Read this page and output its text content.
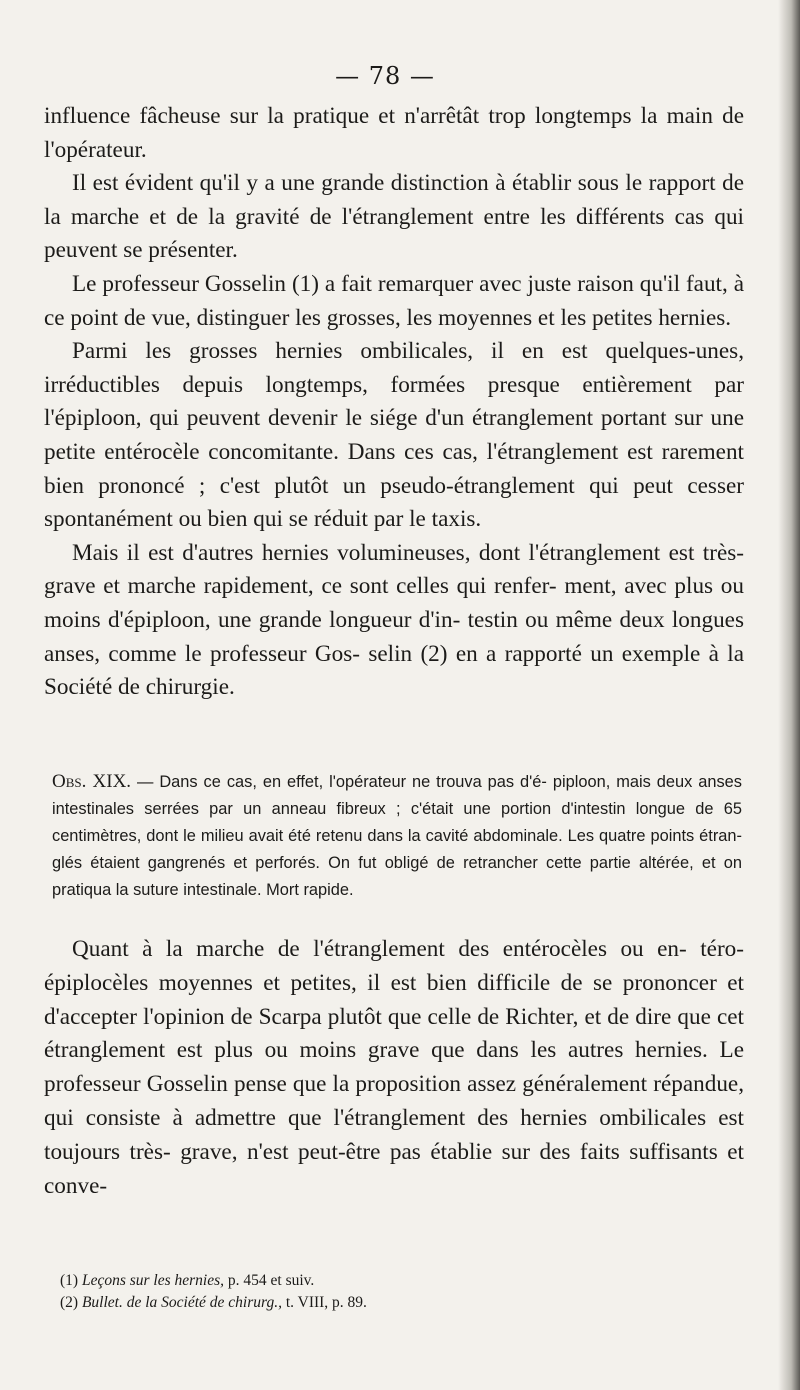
— 78 —

influence fâcheuse sur la pratique et n'arrêtât trop longtemps la main de l'opérateur.

Il est évident qu'il y a une grande distinction à établir sous le rapport de la marche et de la gravité de l'étranglement entre les différents cas qui peuvent se présenter.

Le professeur Gosselin (1) a fait remarquer avec juste raison qu'il faut, à ce point de vue, distinguer les grosses, les moyennes et les petites hernies.

Parmi les grosses hernies ombilicales, il en est quelques-unes, irréductibles depuis longtemps, formées presque entièrement par l'épiploon, qui peuvent devenir le siége d'un étranglement portant sur une petite entérocèle concomitante. Dans ces cas, l'étranglement est rarement bien prononcé ; c'est plutôt un pseudo-étranglement qui peut cesser spontanément ou bien qui se réduit par le taxis.

Mais il est d'autres hernies volumineuses, dont l'étranglement est très-grave et marche rapidement, ce sont celles qui renfer- ment, avec plus ou moins d'épiploon, une grande longueur d'in- testin ou même deux longues anses, comme le professeur Gos- selin (2) en a rapporté un exemple à la Société de chirurgie.

Obs. XIX. — Dans ce cas, en effet, l'opérateur ne trouva pas d'é- piploon, mais deux anses intestinales serrées par un anneau fibreux ; c'était une portion d'intestin longue de 65 centimètres, dont le milieu avait été retenu dans la cavité abdominale. Les quatre points étran- glés étaient gangrenés et perforés. On fut obligé de retrancher cette partie altérée, et on pratiqua la suture intestinale. Mort rapide.

Quant à la marche de l'étranglement des entérocèles ou en- téro-épiplocèles moyennes et petites, il est bien difficile de se prononcer et d'accepter l'opinion de Scarpa plutôt que celle de Richter, et de dire que cet étranglement est plus ou moins grave que dans les autres hernies. Le professeur Gosselin pense que la proposition assez généralement répandue, qui consiste à admettre que l'étranglement des hernies ombilicales est toujours très- grave, n'est peut-être pas établie sur des faits suffisants et conve-

(1) Leçons sur les hernies, p. 454 et suiv.
(2) Bullet. de la Société de chirurg., t. VIII, p. 89.
